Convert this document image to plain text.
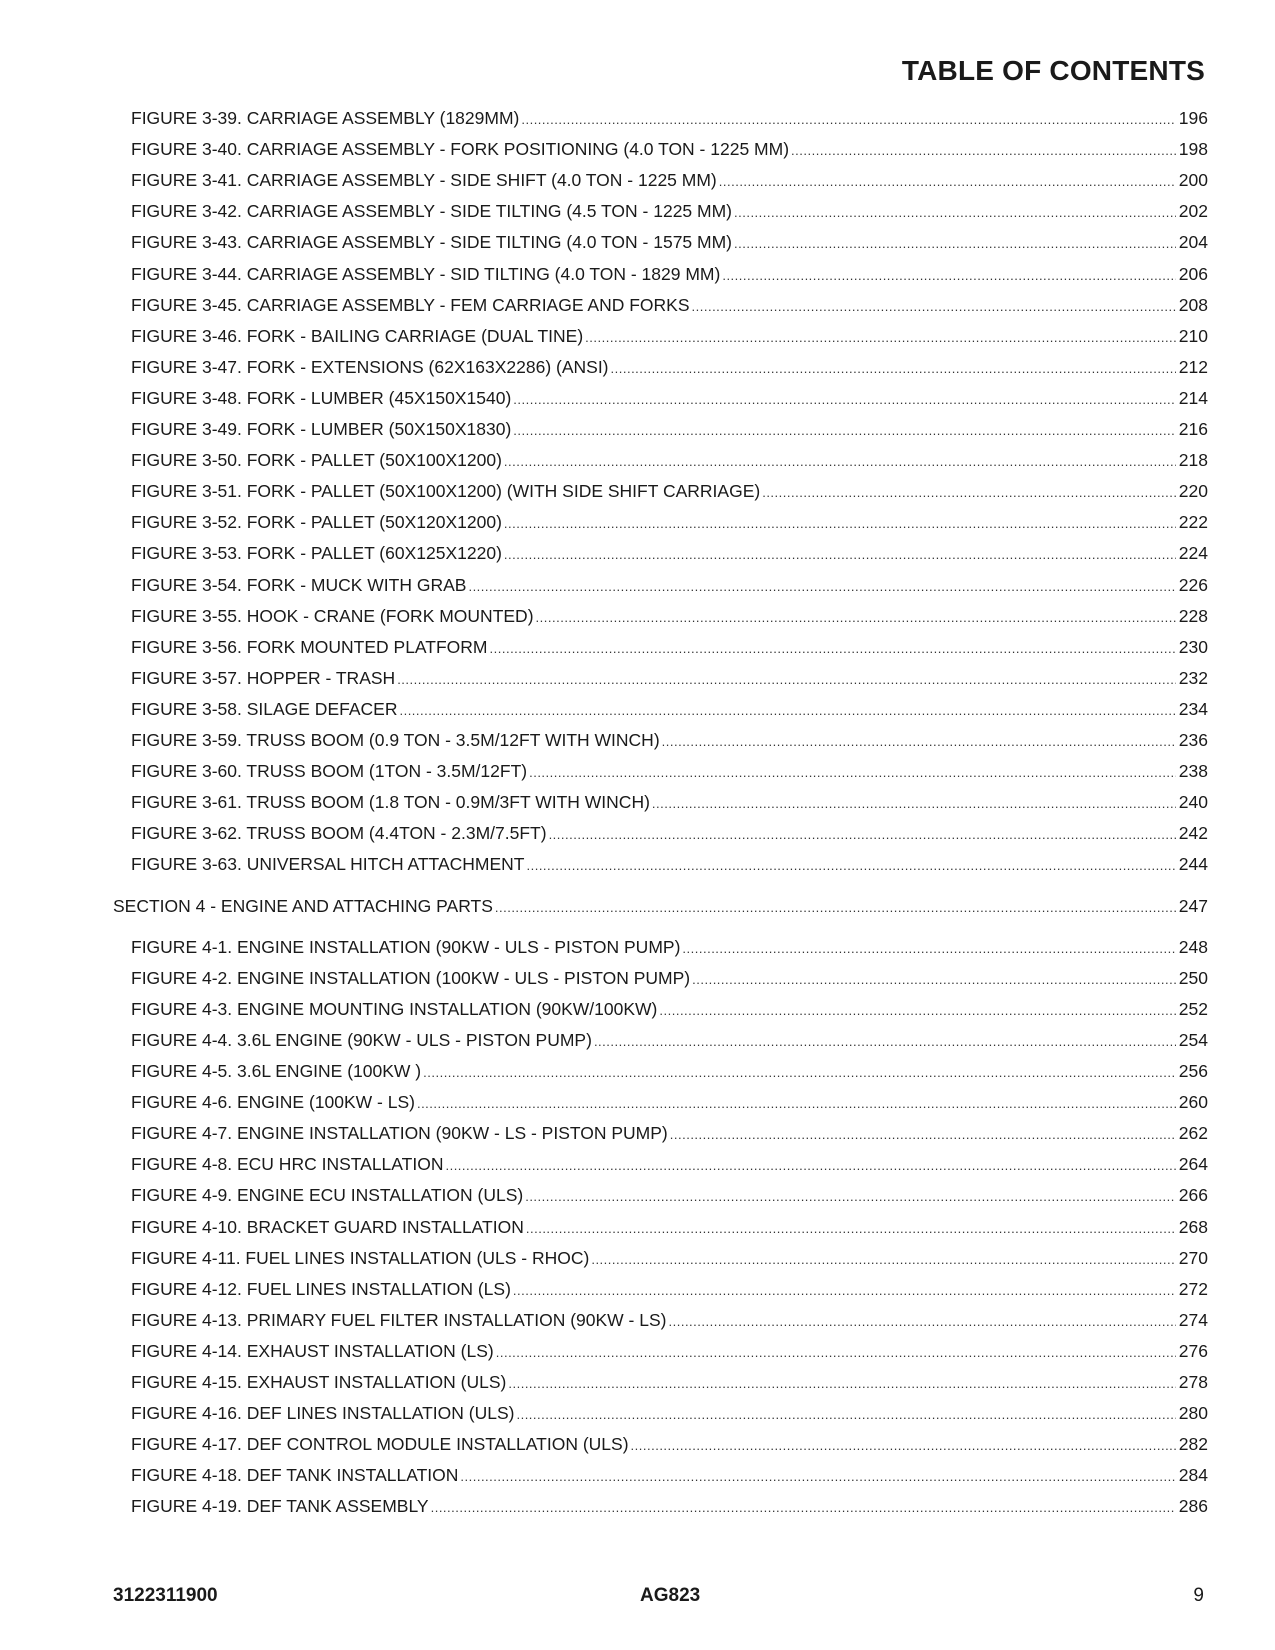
TABLE OF CONTENTS
FIGURE 3-39. CARRIAGE ASSEMBLY (1829MM) .....	196
FIGURE 3-40. CARRIAGE ASSEMBLY - FORK POSITIONING (4.0 TON - 1225 MM) .....	198
FIGURE 3-41. CARRIAGE ASSEMBLY - SIDE SHIFT (4.0 TON - 1225 MM) .....	200
FIGURE 3-42. CARRIAGE ASSEMBLY - SIDE TILTING (4.5 TON - 1225 MM) .....	202
FIGURE 3-43. CARRIAGE ASSEMBLY - SIDE TILTING (4.0 TON - 1575 MM) .....	204
FIGURE 3-44. CARRIAGE ASSEMBLY - SID TILTING (4.0 TON - 1829 MM) .....	206
FIGURE 3-45. CARRIAGE ASSEMBLY - FEM CARRIAGE AND FORKS .....	208
FIGURE 3-46. FORK - BAILING CARRIAGE (DUAL TINE) .....	210
FIGURE 3-47. FORK - EXTENSIONS (62X163X2286) (ANSI) .....	212
FIGURE 3-48. FORK - LUMBER (45X150X1540) .....	214
FIGURE 3-49. FORK - LUMBER (50X150X1830) .....	216
FIGURE 3-50. FORK - PALLET (50X100X1200) .....	218
FIGURE 3-51. FORK - PALLET (50X100X1200) (WITH SIDE SHIFT CARRIAGE) .....	220
FIGURE 3-52. FORK - PALLET (50X120X1200) .....	222
FIGURE 3-53. FORK - PALLET (60X125X1220) .....	224
FIGURE 3-54. FORK - MUCK WITH GRAB .....	226
FIGURE 3-55. HOOK - CRANE (FORK MOUNTED) .....	228
FIGURE 3-56. FORK MOUNTED PLATFORM .....	230
FIGURE 3-57. HOPPER - TRASH .....	232
FIGURE 3-58. SILAGE DEFACER .....	234
FIGURE 3-59. TRUSS BOOM (0.9 TON - 3.5M/12FT WITH WINCH) .....	236
FIGURE 3-60. TRUSS BOOM (1TON - 3.5M/12FT) .....	238
FIGURE 3-61. TRUSS BOOM (1.8 TON - 0.9M/3FT WITH WINCH) .....	240
FIGURE 3-62. TRUSS BOOM (4.4TON - 2.3M/7.5FT) .....	242
FIGURE 3-63. UNIVERSAL HITCH ATTACHMENT .....	244
SECTION 4 - ENGINE AND ATTACHING PARTS .....	247
FIGURE 4-1. ENGINE INSTALLATION (90KW - ULS - PISTON PUMP) .....	248
FIGURE 4-2. ENGINE INSTALLATION (100KW - ULS - PISTON PUMP) .....	250
FIGURE 4-3. ENGINE MOUNTING INSTALLATION (90KW/100KW) .....	252
FIGURE 4-4. 3.6L ENGINE (90KW - ULS - PISTON PUMP) .....	254
FIGURE 4-5. 3.6L ENGINE (100KW ) .....	256
FIGURE 4-6. ENGINE (100KW - LS) .....	260
FIGURE 4-7. ENGINE INSTALLATION (90KW - LS - PISTON PUMP) .....	262
FIGURE 4-8. ECU HRC INSTALLATION .....	264
FIGURE 4-9. ENGINE ECU INSTALLATION (ULS) .....	266
FIGURE 4-10. BRACKET GUARD INSTALLATION .....	268
FIGURE 4-11. FUEL LINES INSTALLATION (ULS - RHOC) .....	270
FIGURE 4-12. FUEL LINES INSTALLATION (LS) .....	272
FIGURE 4-13. PRIMARY FUEL FILTER INSTALLATION (90KW - LS) .....	274
FIGURE 4-14. EXHAUST INSTALLATION (LS) .....	276
FIGURE 4-15. EXHAUST INSTALLATION (ULS) .....	278
FIGURE 4-16. DEF LINES INSTALLATION (ULS) .....	280
FIGURE 4-17. DEF CONTROL MODULE INSTALLATION (ULS) .....	282
FIGURE 4-18. DEF TANK INSTALLATION .....	284
FIGURE 4-19. DEF TANK ASSEMBLY .....	286
3122311900	AG823	9
